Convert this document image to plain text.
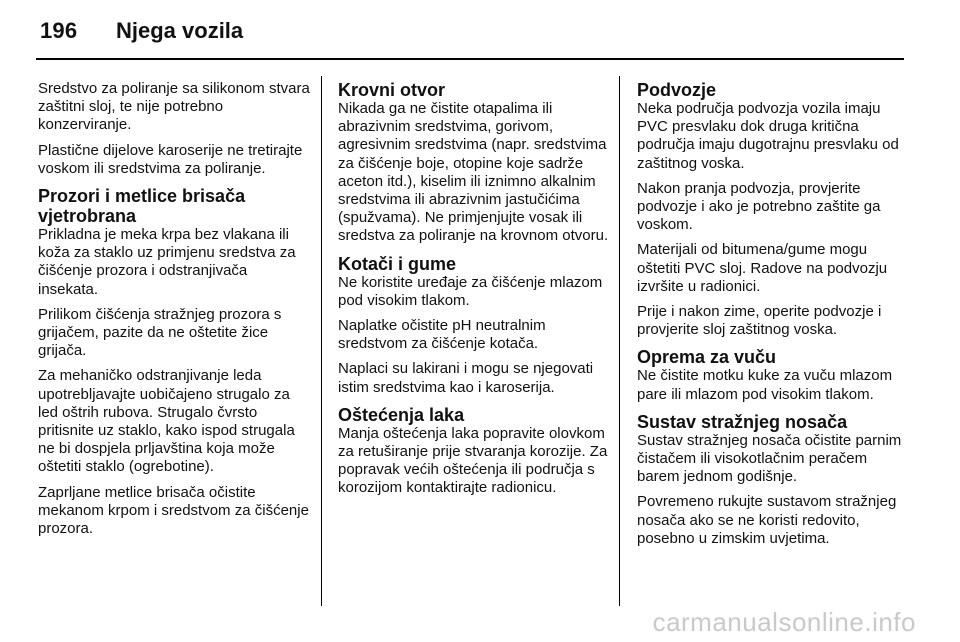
196 Njega vozila

Sredstvo za poliranje sa silikonom stvara zaštitni sloj, te nije potrebno konzerviranje.

Plastične dijelove karoserije ne tretirajte voskom ili sredstvima za poliranje.

Prozori i metlice brisača vjetrobrana

Prikladna je meka krpa bez vlakana ili koža za staklo uz primjenu sredstva za čišćenje prozora i odstranjivača insekata.

Prilikom čišćenja stražnjeg prozora s grijačem, pazite da ne oštetite žice grijača.

Za mehaničko odstranjivanje leda upotrebljavajte uobičajeno strugalo za led oštrih rubova. Strugalo čvrsto pritisnite uz staklo, kako ispod strugala ne bi dospjela prljavština koja može oštetiti staklo (ogrebotine).

Zaprljane metlice brisača očistite mekanom krpom i sredstvom za čišćenje prozora.

Krovni otvor

Nikada ga ne čistite otapalima ili abrazivnim sredstvima, gorivom, agresivnim sredstvima (napr. sredstvima za čišćenje boje, otopine koje sadrže aceton itd.), kiselim ili iznimno alkalnim sredstvima ili abrazivnim jastučićima (spužvama). Ne primjenjujte vosak ili sredstva za poliranje na krovnom otvoru.

Kotači i gume

Ne koristite uređaje za čišćenje mlazom pod visokim tlakom.

Naplatke očistite pH neutralnim sredstvom za čišćenje kotača.

Naplaci su lakirani i mogu se njegovati istim sredstvima kao i karoserija.

Oštećenja laka

Manja oštećenja laka popravite olovkom za retuširanje prije stvaranja korozije. Za popravak većih oštećenja ili područja s korozijom kontaktirajte radionicu.

Podvozje

Neka područja podvozja vozila imaju PVC presvlaku dok druga kritična područja imaju dugotrajnu presvlaku od zaštitnog voska.

Nakon pranja podvozja, provjerite podvozje i ako je potrebno zaštite ga voskom.

Materijali od bitumena/gume mogu oštetiti PVC sloj. Radove na podvozju izvršite u radionici.

Prije i nakon zime, operite podvozje i provjerite sloj zaštitnog voska.

Oprema za vuču

Ne čistite motku kuke za vuču mlazom pare ili mlazom pod visokim tlakom.

Sustav stražnjeg nosača

Sustav stražnjeg nosača očistite parnim čistačem ili visokotlačnim peračem barem jednom godišnje.

Povremeno rukujte sustavom stražnjeg nosača ako se ne koristi redovito, posebno u zimskim uvjetima.

carmanualsonline.info
